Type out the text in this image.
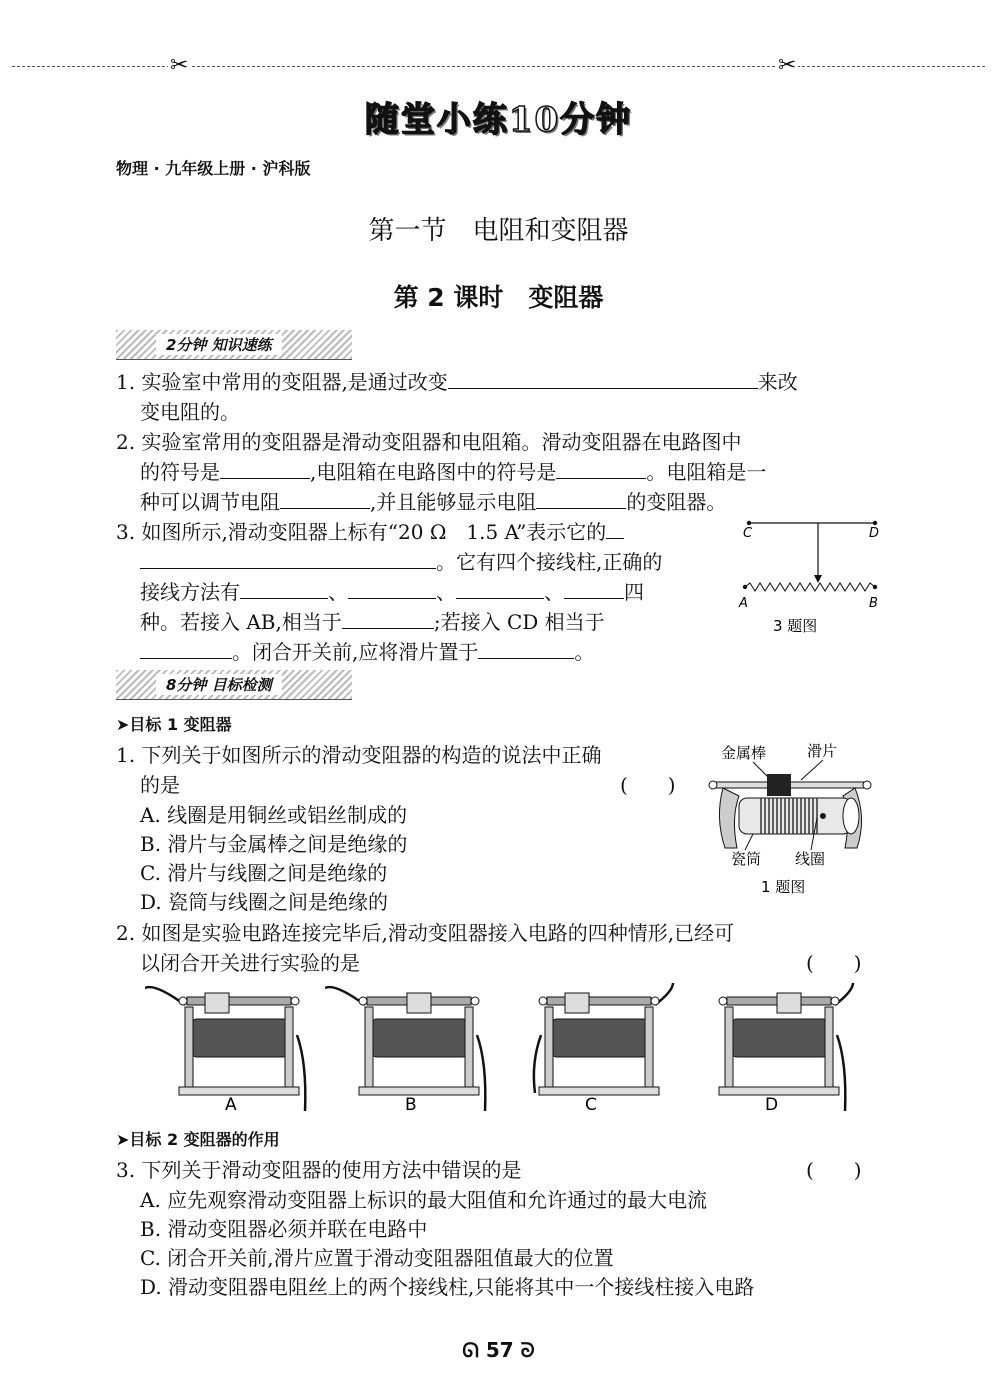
✂	✂
随堂小练10分钟
物理 · 九年级上册 · 沪科版
第一节　电阻和变阻器
第 2 课时　变阻器
2分钟 知识速练
1. 实验室中常用的变阻器,是通过改变	来改
变电阻的。
2. 实验室常用的变阻器是滑动变阻器和电阻箱。滑动变阻器在电路图中
的符号是	,电阻箱在电路图中的符号是	。电阻箱是一
种可以调节电阻	,并且能够显示电阻	的变阻器。
3. 如图所示,滑动变阻器上标有“20 Ω　1.5 A”表示它的
。它有四个接线柱,正确的
接线方法有	、	、	、	四
种。若接入 AB,相当于	;若接入 CD 相当于
。闭合开关前,应将滑片置于	。
C	D
A	B
3 题图
8分钟 目标检测
➤目标 1 变阻器
1. 下列关于如图所示的滑动变阻器的构造的说法中正确
的是	(　　)
A. 线圈是用铜丝或铝丝制成的
B. 滑片与金属棒之间是绝缘的
C. 滑片与线圈之间是绝缘的
D. 瓷筒与线圈之间是绝缘的
金属棒	滑片
瓷筒 线圈
1 题图
2. 如图是实验电路连接完毕后,滑动变阻器接入电路的四种情形,已经可
以闭合开关进行实验的是	(　　)
A	B	C	D
➤目标 2 变阻器的作用
3. 下列关于滑动变阻器的使用方法中错误的是	(　　)
A. 应先观察滑动变阻器上标识的最大阻值和允许通过的最大电流
B. 滑动变阻器必须并联在电路中
C. 闭合开关前,滑片应置于滑动变阻器阻值最大的位置
D. 滑动变阻器电阻丝上的两个接线柱,只能将其中一个接线柱接入电路
ᘏ 57 ᘐ
